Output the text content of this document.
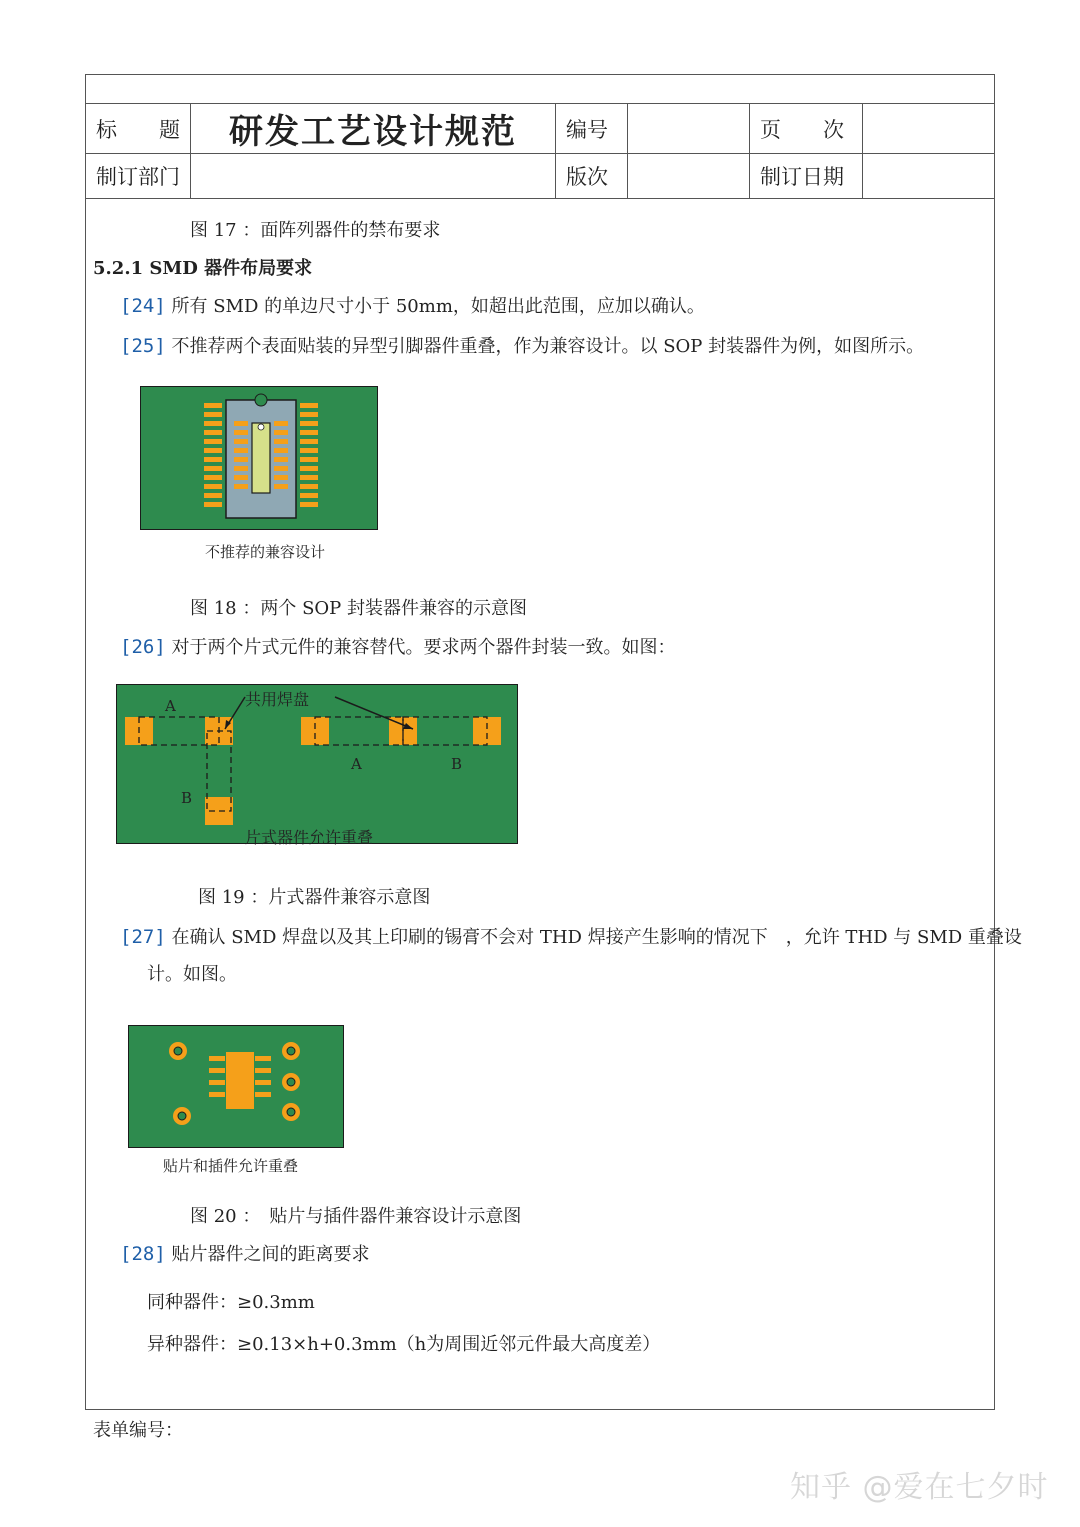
标　　题	研发工艺设计规范	编号		页　　次	
制订部门		版次		制订日期	
图 17 ：面阵列器件的禁布要求
5.2.1 SMD 器件布局要求
[24] 所有 SMD 的单边尺寸小于 50mm，如超出此范围，应加以确认。
[25] 不推荐两个表面贴装的异型引脚器件重叠，作为兼容设计。以 SOP 封装器件为例，如图所示。
不推荐的兼容设计
图 18 ：两个 SOP 封装器件兼容的示意图
[26] 对于两个片式元件的兼容替代。要求两个器件封装一致。如图：
共用焊盘
A
B
A	B
片式器件允许重叠
图 19 ：片式器件兼容示意图
[27] 在确认 SMD 焊盘以及其上印刷的锡膏不会对 THD 焊接产生影响的情况下　，允许 THD 与 SMD 重叠设
计。如图。
贴片和插件允许重叠
图 20 ：　贴片与插件器件兼容设计示意图
[28] 贴片器件之间的距离要求
同种器件：≥0.3mm
异种器件：≥0.13×h+0.3mm（h为周围近邻元件最大高度差）
表单编号：
知乎 @爱在七夕时
